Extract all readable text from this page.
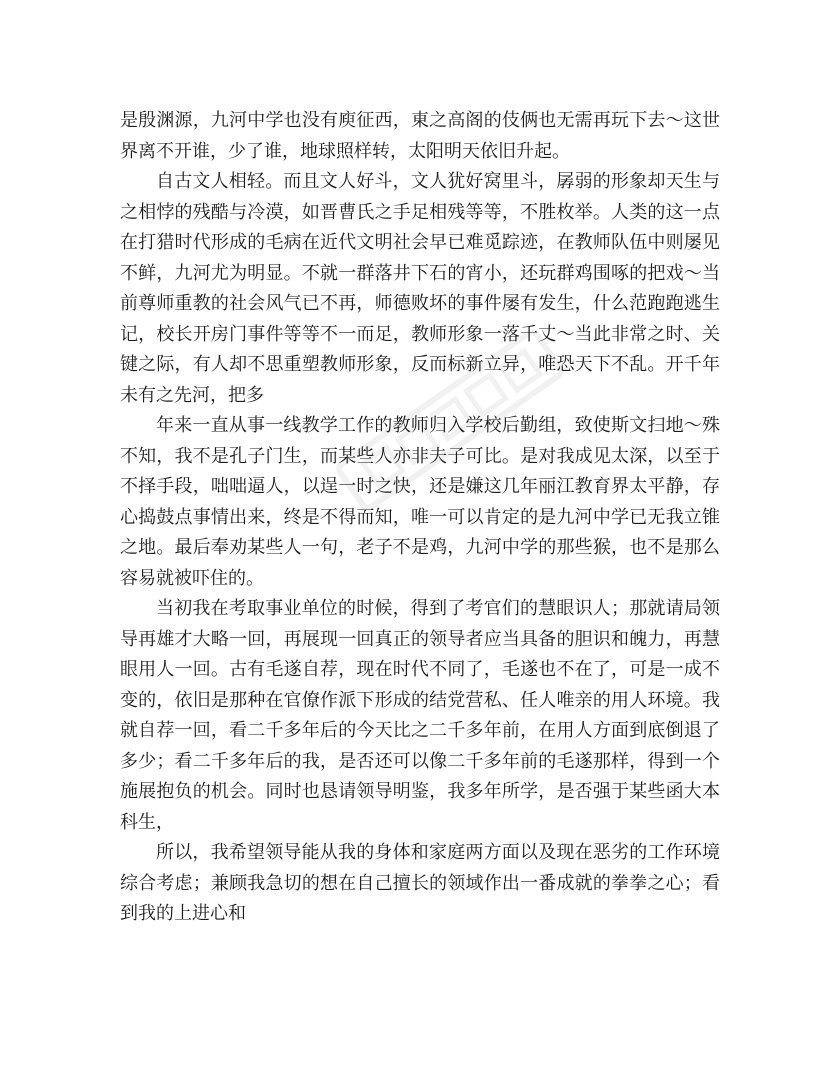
是殷渊源，九河中学也没有庾征西，東之高阁的伎俩也无需再玩下去～这世界离不开谁，少了谁，地球照样转，太阳明天依旧升起。

自古文人相轻。而且文人好斗，文人犹好窝里斗，孱弱的形象却天生与之相悖的残酷与冷漠，如晋曹氏之手足相残等等，不胜枚举。人类的这一点在打猎时代形成的毛病在近代文明社会早已难觅踪迹，在教师队伍中则屡见不鲜，九河尤为明显。不就一群落井下石的宵小，还玩群鸡围啄的把戏～当前尊师重教的社会风气已不再，师德败坏的事件屡有发生，什么范跑跑逃生记，校长开房门事件等等不一而足，教师形象一落千丈～当此非常之时、关键之际，有人却不思重塑教师形象，反而标新立异，唯恐天下不乱。开千年未有之先河，把多

年来一直从事一线教学工作的教师归入学校后勤组，致使斯文扫地～殊不知，我不是孔子门生，而某些人亦非夫子可比。是对我成见太深，以至于不择手段，咄咄逼人，以逞一时之快，还是嫌这几年丽江教育界太平静，存心捣鼓点事情出来，终是不得而知，唯一可以肯定的是九河中学已无我立锥之地。最后奉劝某些人一句，老子不是鸡，九河中学的那些猴，也不是那么容易就被吓住的。

当初我在考取事业单位的时候，得到了考官们的慧眼识人；那就请局领导再雄才大略一回，再展现一回真正的领导者应当具备的胆识和魄力，再慧眼用人一回。古有毛遂自荐，现在时代不同了，毛遂也不在了，可是一成不变的，依旧是那种在官僚作派下形成的结党营私、任人唯亲的用人环境。我就自荐一回，看二千多年后的今天比之二千多年前，在用人方面到底倒退了多少；看二千多年后的我，是否还可以像二千多年前的毛遂那样，得到一个施展抱负的机会。同时也恳请领导明鉴，我多年所学，是否强于某些函大本科生，

所以，我希望领导能从我的身体和家庭两方面以及现在恶劣的工作环境综合考虑；兼顾我急切的想在自己擅长的领域作出一番成就的拳拳之心；看到我的上进心和
